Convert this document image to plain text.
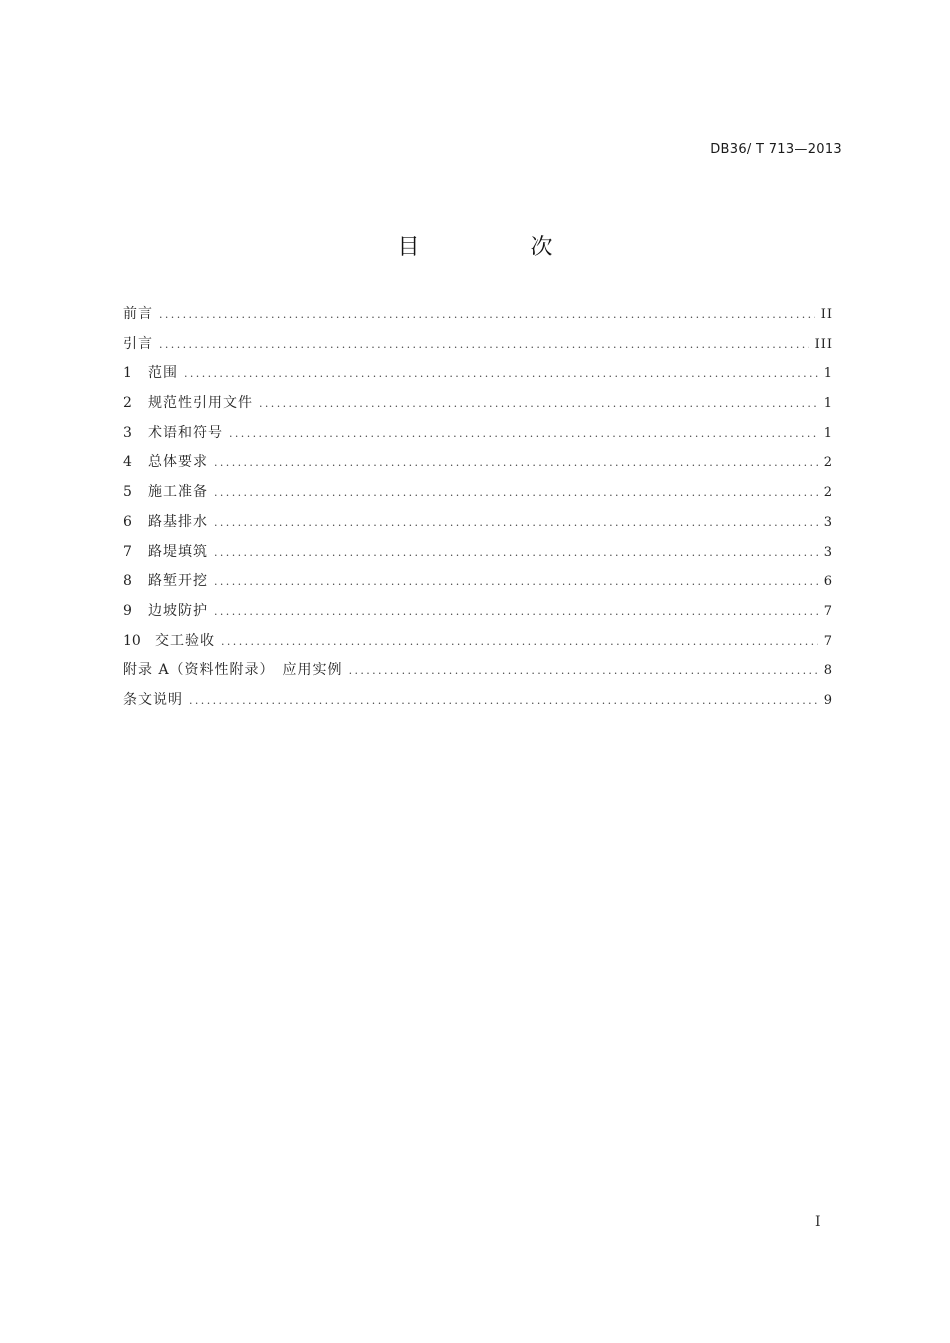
DB36/ T 713—2013
目 次
前言 .....	II
引言 .....	III
1	范围 .....	1
2	规范性引用文件 .....	1
3	术语和符号 .....	1
4	总体要求 .....	2
5	施工准备 .....	2
6	路基排水 .....	3
7	路堤填筑 .....	3
8	路堑开挖 .....	6
9	边坡防护 .....	7
10	交工验收 .....	7
附录 A（资料性附录）　应用实例 .....	8
条文说明 .....	9
I
